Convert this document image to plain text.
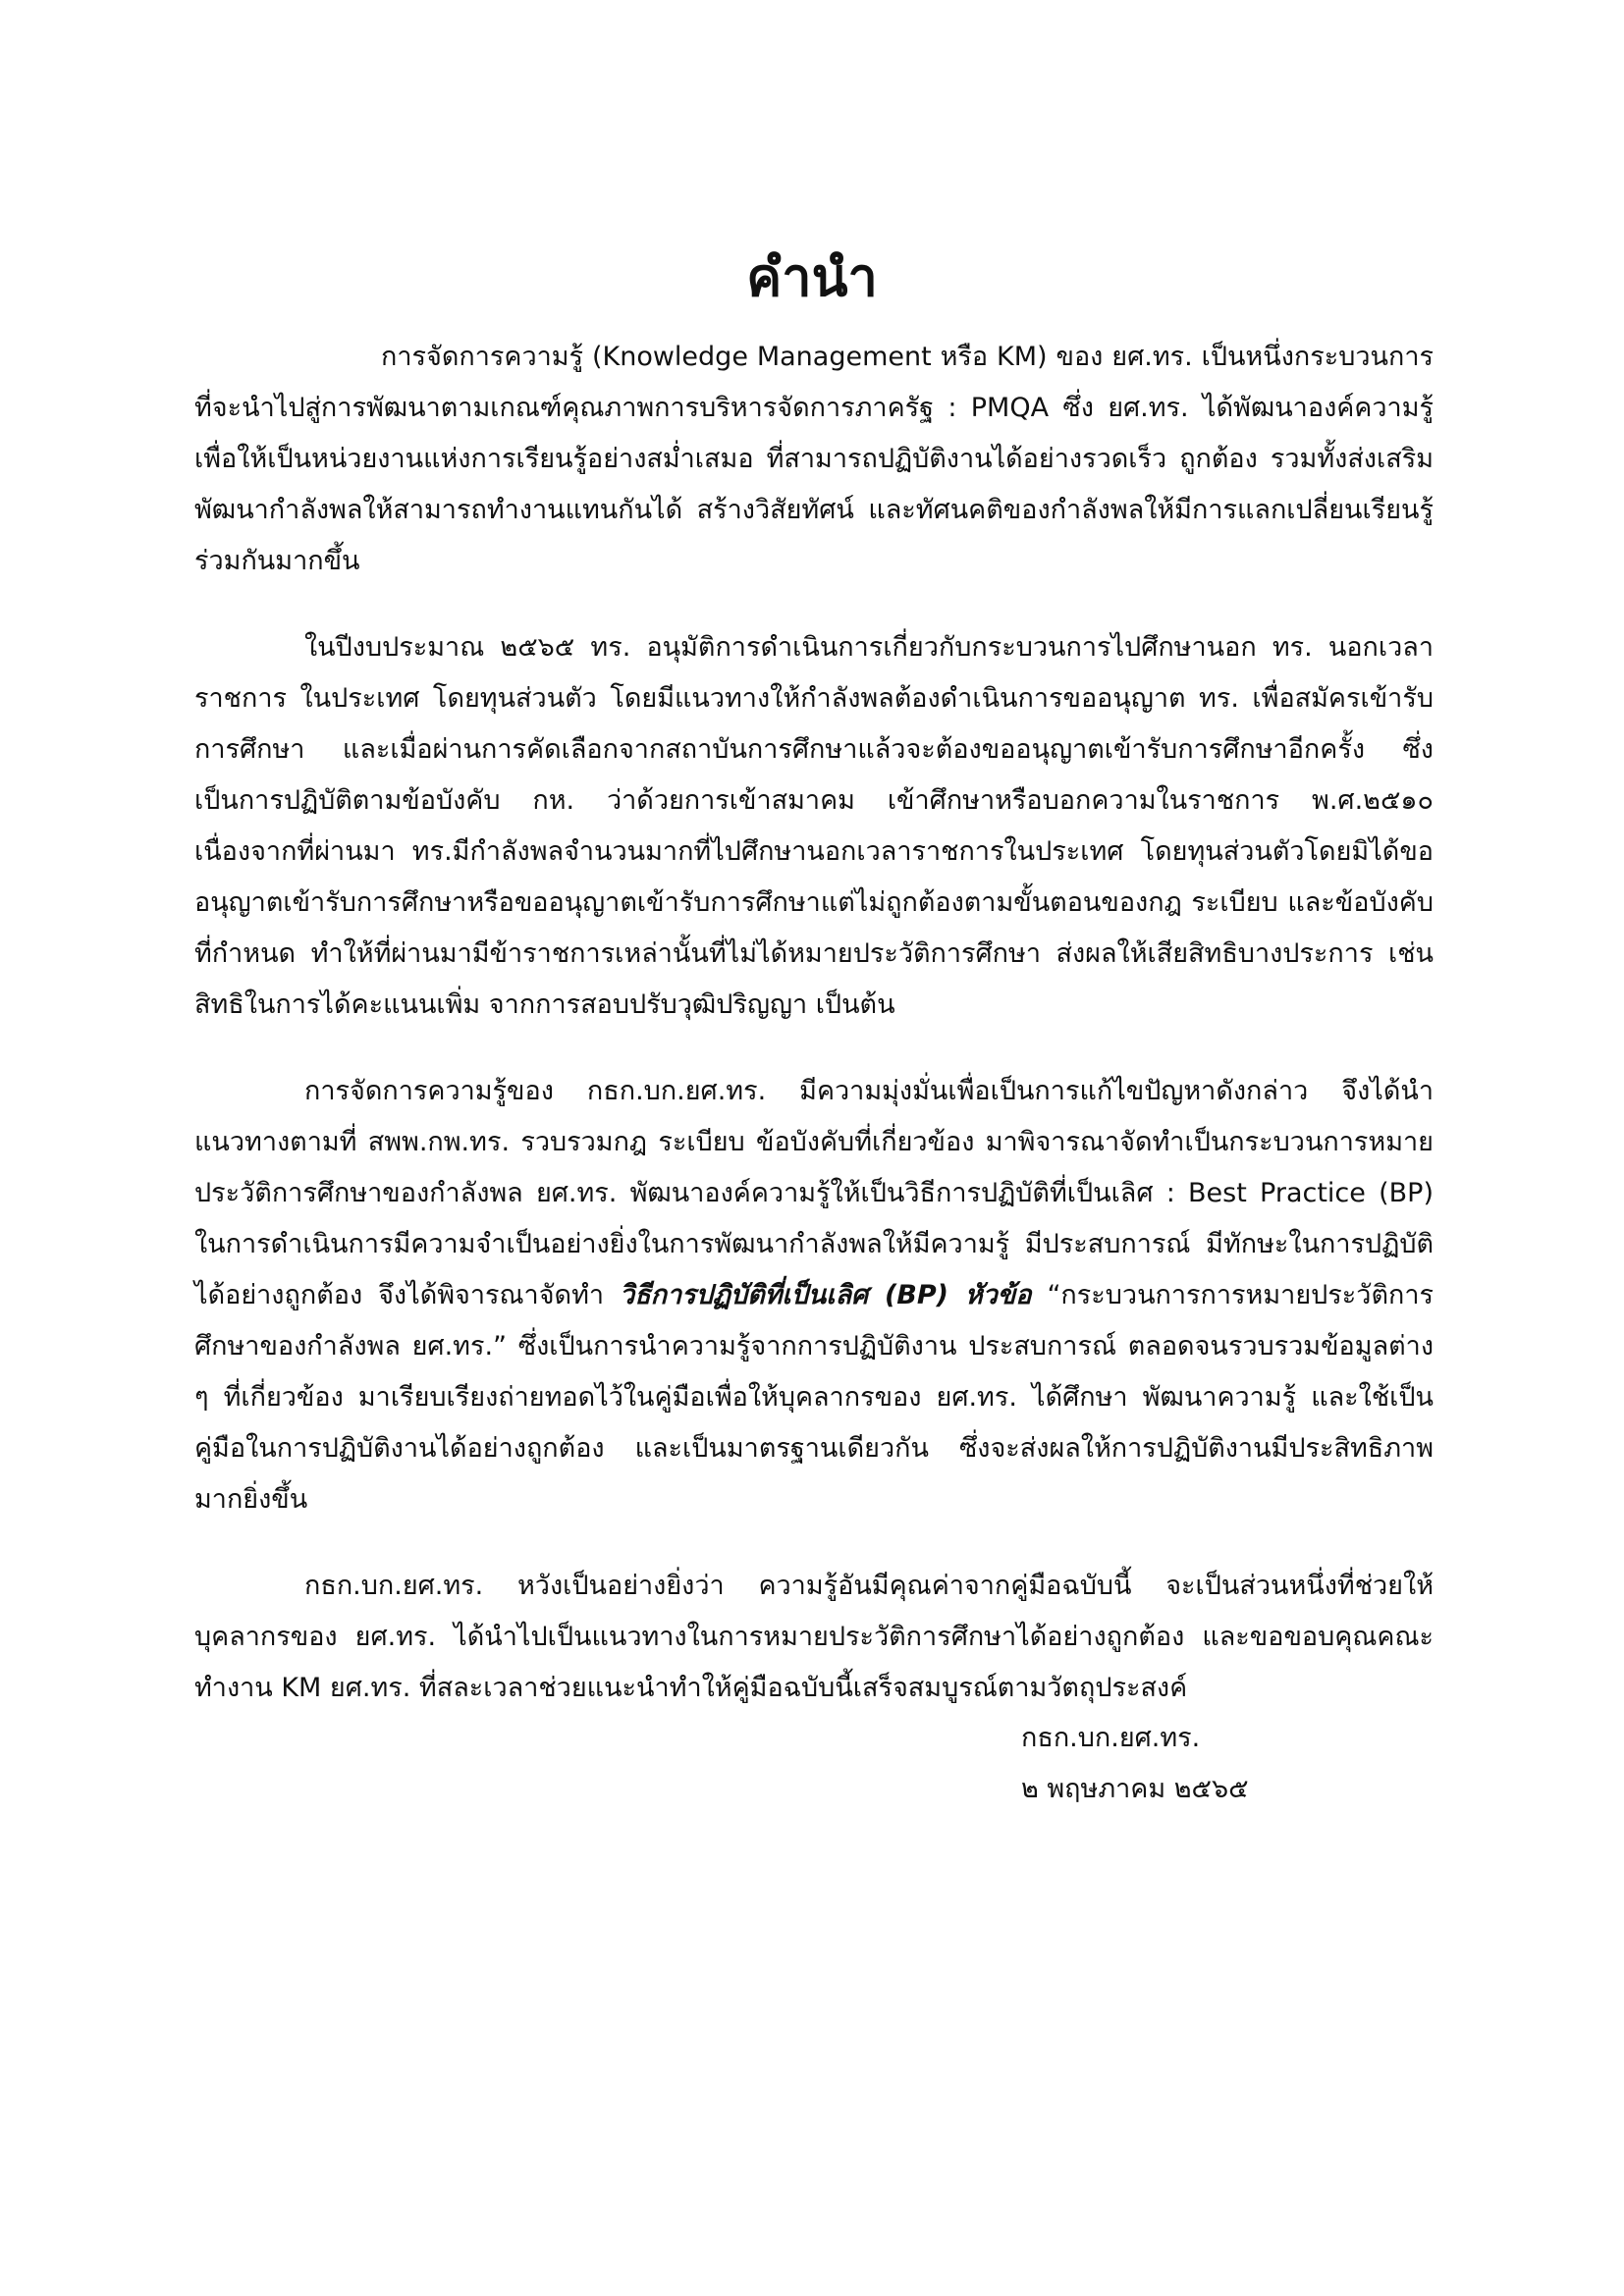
คำนำ

การจัดการความรู้ (Knowledge Management หรือ KM) ของ ยศ.ทร. เป็นหนึ่งกระบวนการที่จะนำไปสู่การพัฒนาตามเกณฑ์คุณภาพการบริหารจัดการภาครัฐ : PMQA ซึ่ง ยศ.ทร. ได้พัฒนาองค์ความรู้เพื่อให้เป็นหน่วยงานแห่งการเรียนรู้อย่างสม่ำเสมอ ที่สามารถปฏิบัติงานได้อย่างรวดเร็ว ถูกต้อง รวมทั้งส่งเสริมพัฒนากำลังพลให้สามารถทำงานแทนกันได้ สร้างวิสัยทัศน์ และทัศนคติของกำลังพลให้มีการแลกเปลี่ยนเรียนรู้ร่วมกันมากขึ้น

ในปีงบประมาณ ๒๕๖๕ ทร. อนุมัติการดำเนินการเกี่ยวกับกระบวนการไปศึกษานอก ทร. นอกเวลาราชการ ในประเทศ โดยทุนส่วนตัว โดยมีแนวทางให้กำลังพลต้องดำเนินการขออนุญาต ทร. เพื่อสมัครเข้ารับการศึกษา และเมื่อผ่านการคัดเลือกจากสถาบันการศึกษาแล้วจะต้องขออนุญาตเข้ารับการศึกษาอีกครั้ง ซึ่งเป็นการปฏิบัติตามข้อบังคับ กห. ว่าด้วยการเข้าสมาคม เข้าศึกษาหรือบอกความในราชการ พ.ศ.๒๕๑๐ เนื่องจากที่ผ่านมา ทร.มีกำลังพลจำนวนมากที่ไปศึกษานอกเวลาราชการในประเทศ โดยทุนส่วนตัวโดยมิได้ขออนุญาตเข้ารับการศึกษาหรือขออนุญาตเข้ารับการศึกษาแต่ไม่ถูกต้องตามขั้นตอนของกฎ ระเบียบ และข้อบังคับที่กำหนด ทำให้ที่ผ่านมามีข้าราชการเหล่านั้นที่ไม่ได้หมายประวัติการศึกษา ส่งผลให้เสียสิทธิบางประการ เช่น สิทธิในการได้คะแนนเพิ่ม จากการสอบปรับวุฒิปริญญา เป็นต้น

การจัดการความรู้ของ กธก.บก.ยศ.ทร. มีความมุ่งมั่นเพื่อเป็นการแก้ไขปัญหาดังกล่าว จึงได้นำแนวทางตามที่ สพพ.กพ.ทร. รวบรวมกฎ ระเบียบ ข้อบังคับที่เกี่ยวข้อง มาพิจารณาจัดทำเป็นกระบวนการหมายประวัติการศึกษาของกำลังพล ยศ.ทร. พัฒนาองค์ความรู้ให้เป็นวิธีการปฏิบัติที่เป็นเลิศ : Best Practice (BP) ในการดำเนินการมีความจำเป็นอย่างยิ่งในการพัฒนากำลังพลให้มีความรู้ มีประสบการณ์ มีทักษะในการปฏิบัติได้อย่างถูกต้อง จึงได้พิจารณาจัดทำ วิธีการปฏิบัติที่เป็นเลิศ (BP) หัวข้อ “กระบวนการการหมายประวัติการศึกษาของกำลังพล ยศ.ทร.” ซึ่งเป็นการนำความรู้จากการปฏิบัติงาน ประสบการณ์ ตลอดจนรวบรวมข้อมูลต่าง ๆ ที่เกี่ยวข้อง มาเรียบเรียงถ่ายทอดไว้ในคู่มือเพื่อให้บุคลากรของ ยศ.ทร. ได้ศึกษา พัฒนาความรู้ และใช้เป็นคู่มือในการปฏิบัติงานได้อย่างถูกต้อง และเป็นมาตรฐานเดียวกัน ซึ่งจะส่งผลให้การปฏิบัติงานมีประสิทธิภาพมากยิ่งขึ้น

กธก.บก.ยศ.ทร. หวังเป็นอย่างยิ่งว่า ความรู้อันมีคุณค่าจากคู่มือฉบับนี้ จะเป็นส่วนหนึ่งที่ช่วยให้บุคลากรของ ยศ.ทร. ได้นำไปเป็นแนวทางในการหมายประวัติการศึกษาได้อย่างถูกต้อง และขอขอบคุณคณะทำงาน KM ยศ.ทร. ที่สละเวลาช่วยแนะนำทำให้คู่มือฉบับนี้เสร็จสมบูรณ์ตามวัตถุประสงค์

กธก.บก.ยศ.ทร.
๒ พฤษภาคม ๒๕๖๕
